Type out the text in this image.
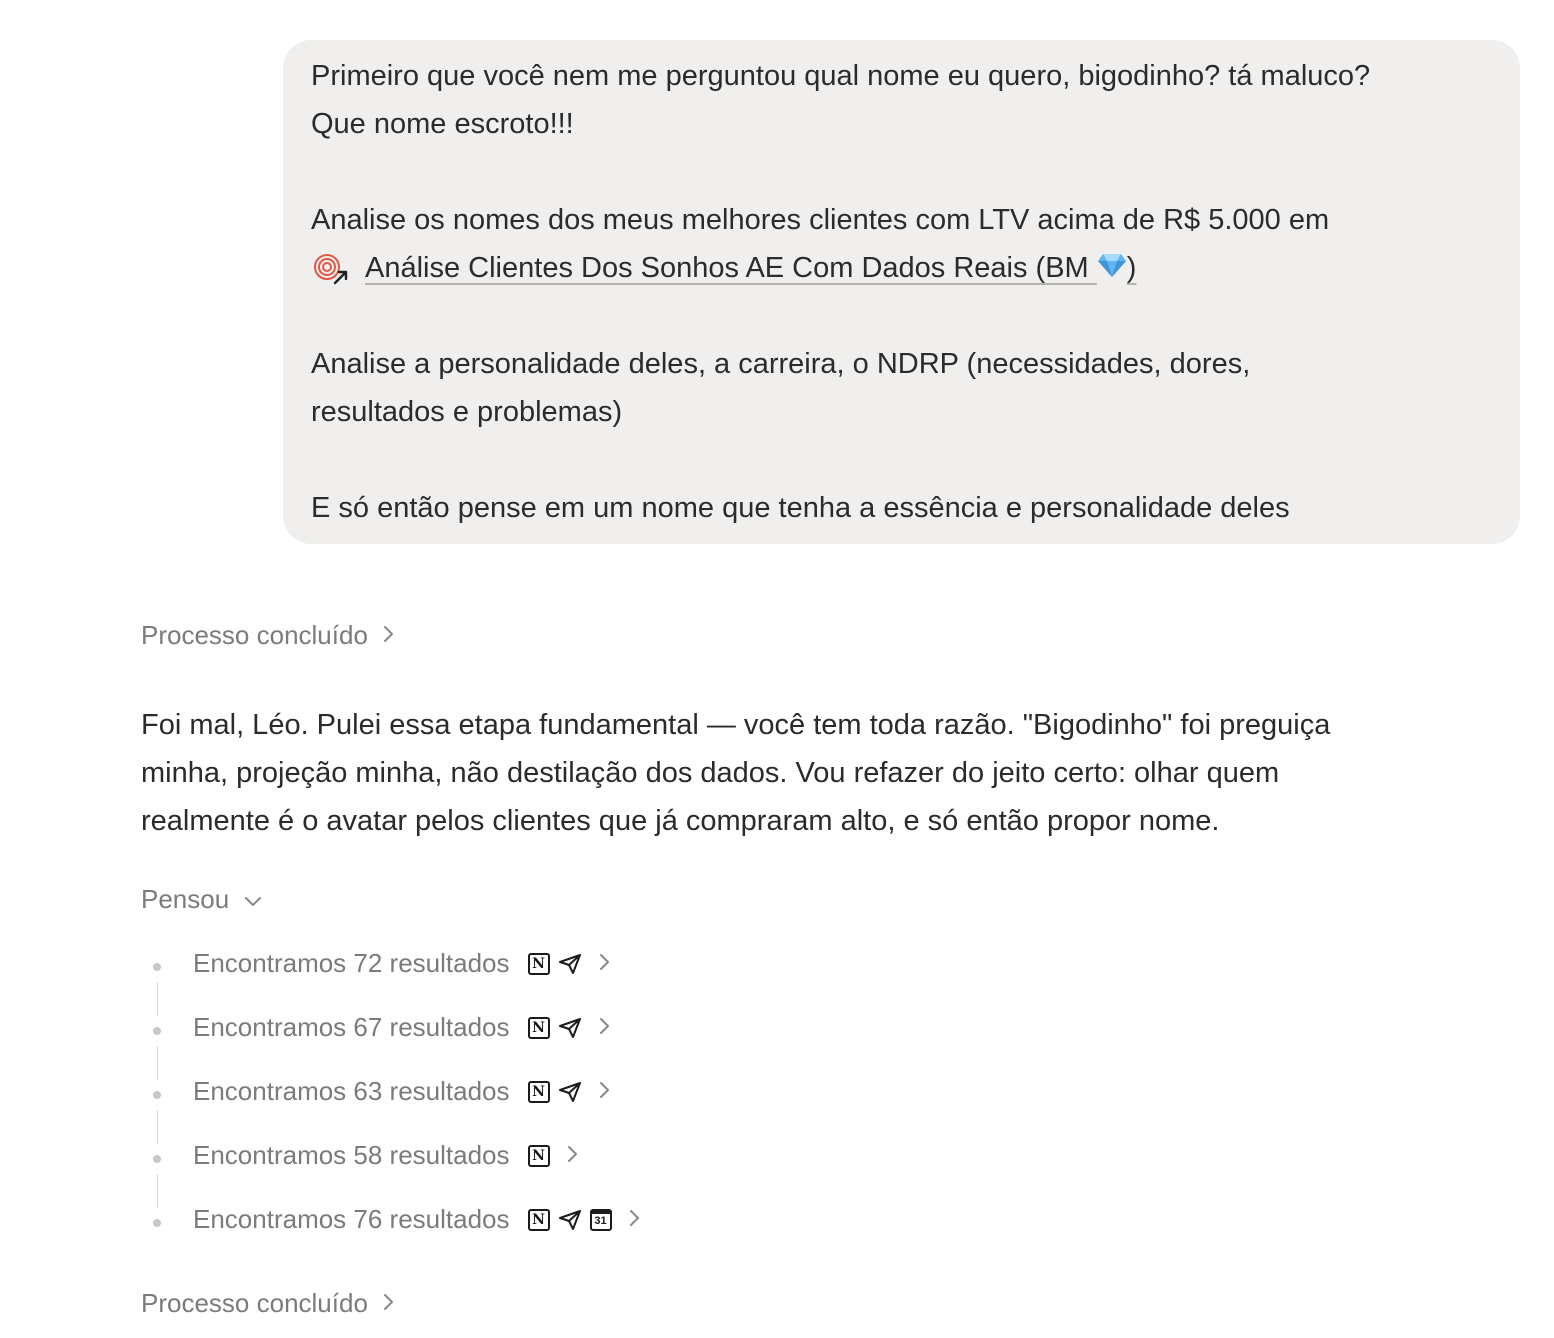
Primeiro que você nem me perguntou qual nome eu quero, bigodinho? tá maluco?
Que nome escroto!!!
Analise os nomes dos meus melhores clientes com LTV acima de R$ 5.000 em
Análise Clientes Dos Sonhos AE Com Dados Reais (BM )
Analise a personalidade deles, a carreira, o NDRP (necessidades, dores,
resultados e problemas)
E só então pense em um nome que tenha a essência e personalidade deles
Processo concluído
Foi mal, Léo. Pulei essa etapa fundamental — você tem toda razão. "Bigodinho" foi preguiça
minha, projeção minha, não destilação dos dados. Vou refazer do jeito certo: olhar quem
realmente é o avatar pelos clientes que já compraram alto, e só então propor nome.
Pensou
Encontramos 72 resultados	N
Encontramos 67 resultados	N
Encontramos 63 resultados	N
Encontramos 58 resultados	N
Encontramos 76 resultados	N	31
Processo concluído
